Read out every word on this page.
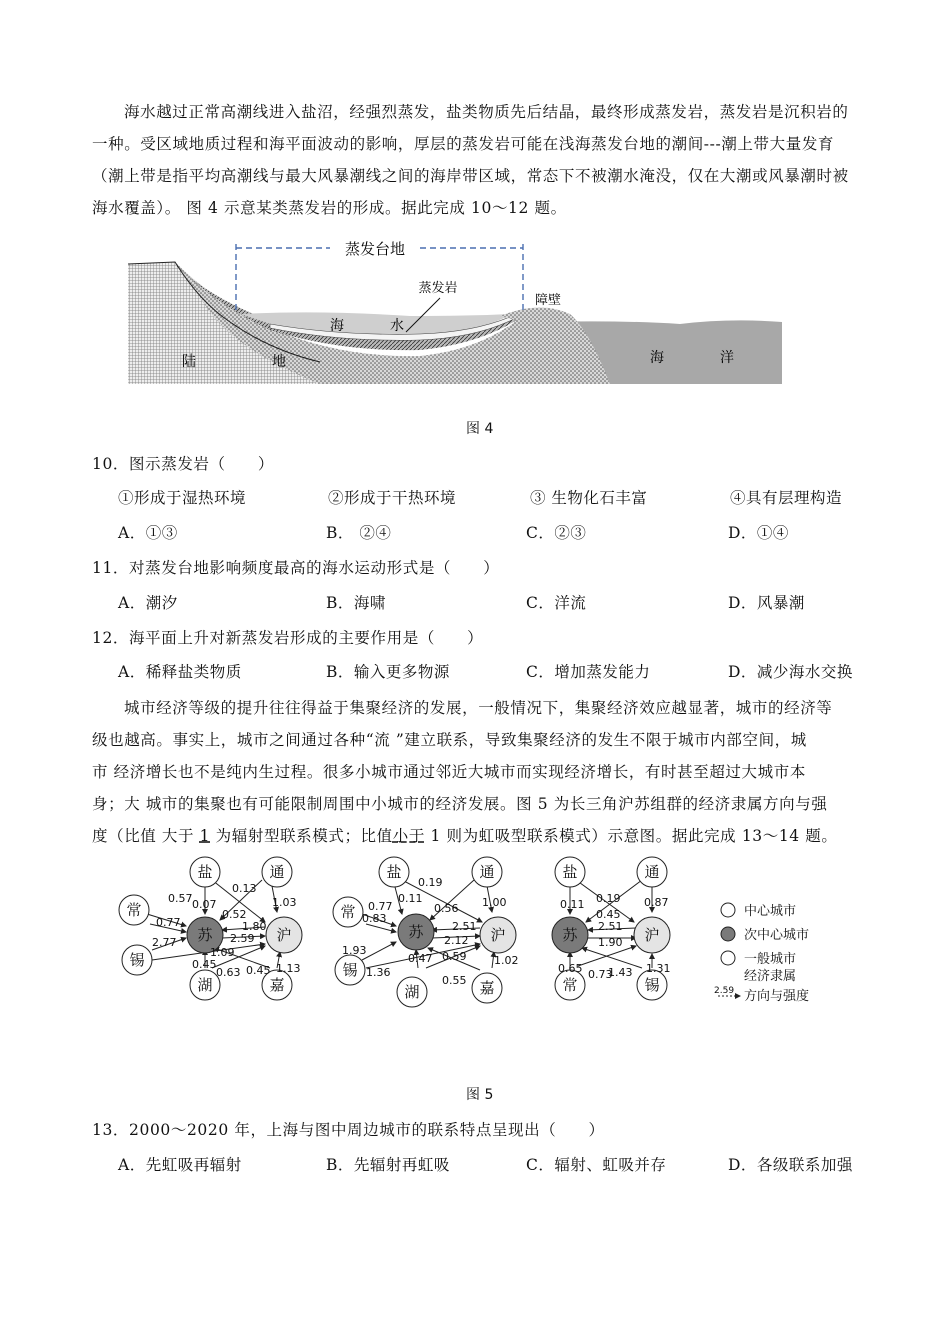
海水越过正常高潮线进入盐沼，经强烈蒸发，盐类物质先后结晶，最终形成蒸发岩，蒸发岩是沉积岩的一种。受区域地质过程和海平面波动的影响，厚层的蒸发岩可能在浅海蒸发台地的潮间---潮上带大量发育（潮上带是指平均高潮线与最大风暴潮线之间的海岸带区域，常态下不被潮水淹没，仅在大潮或风暴潮时被海水覆盖）。 图 4 示意某类蒸发岩的形成。据此完成 10～12 题。
蒸发台地
蒸发岩
障壁
海	水
陆	地	海	洋
图 4
10．图示蒸发岩（　　）
①形成于湿热环境	②形成于干热环境	③ 生物化石丰富	④具有层理构造
A．①③	B． ②④	C．②③	D．①④
11．对蒸发台地影响频度最高的海水运动形式是（　　）
A．潮汐	B．海啸	C．洋流	D．风暴潮
12．海平面上升对新蒸发岩形成的主要作用是（　　）
A．稀释盐类物质	B．输入更多物源	C．增加蒸发能力	D．减少海水交换
城市经济等级的提升往往得益于集聚经济的发展，一般情况下，集聚经济效应越显著，城市的经济等
级也越高。事实上，城市之间通过各种“流 ”建立联系，导致集聚经济的发生不限于城市内部空间，城
市 经济增长也不是纯内生过程。很多小城市通过邻近大城市而实现经济增长，有时甚至超过大城市本
身；大 城市的集聚也有可能限制周围中小城市的经济发展。图 5 为长三角沪苏组群的经济隶属方向与强
度（比值 大于 1 为辐射型联系模式；比值小于 1 则为虹吸型联系模式）示意图。据此完成 13～14 题。
盐	通
常
苏	沪
锡
湖	嘉
0.07
0.13
1.03
0.57
0.77
0.52
2.77
1.80
2.59
1.09
0.45
0.63 0.45 1.13
盐	通
常
苏	沪
锡
湖	嘉
0.11
0.19
1.00
0.77
0.83
0.56
1.93
2.51
2.12
1.36
0.47 0.59
0.55
1.02
盐	通
苏	沪
常	锡
0.11 0.19 0.87
0.45
2.51
1.90
0.65 0.73
1.43 1.31
中心城市
次中心城市
一般城市
经济隶属
2.59 方向与强度
图 5
13．2000～2020 年，上海与图中周边城市的联系特点呈现出（　　）
A．先虹吸再辐射	B．先辐射再虹吸	C．辐射、虹吸并存	D．各级联系加强
